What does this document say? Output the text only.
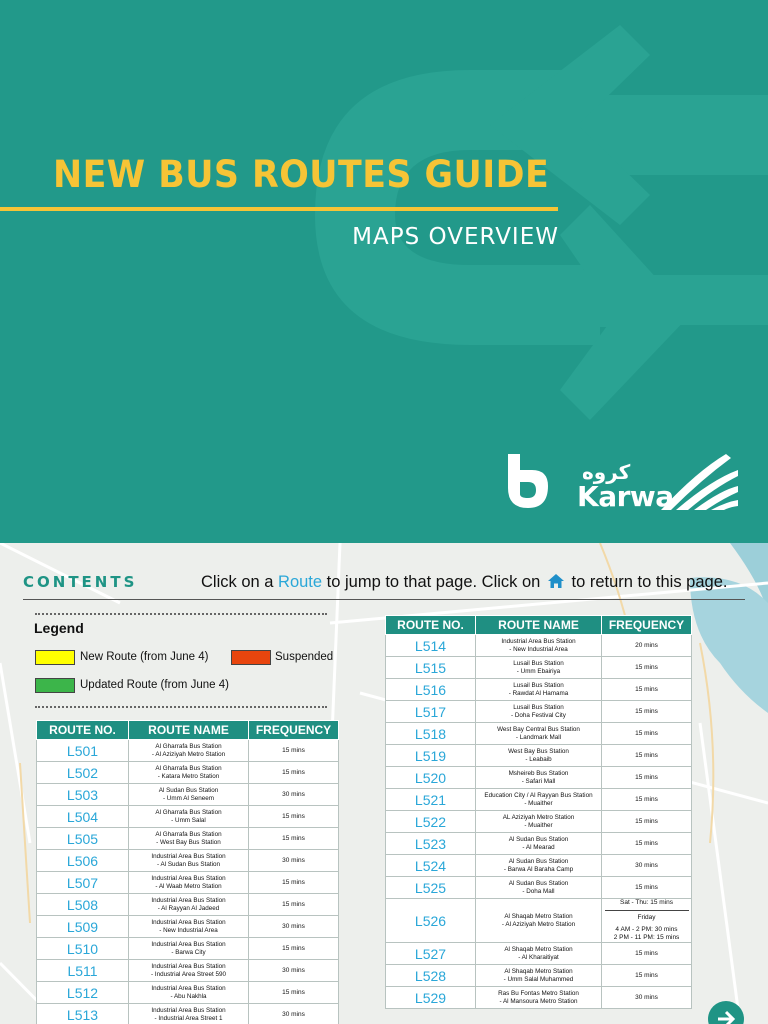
NEW BUS ROUTES GUIDE
MAPS OVERVIEW
كروه
Karwa
CONTENTS	Click on a Route to jump to that page. Click on  to return to this page.
Legend
New Route (from June 4)	Suspended
Updated Route (from June 4)
ROUTE NO.	ROUTE NAME	FREQUENCY
L501	Al Gharrafa Bus Station
- Al Aziziyah Metro Station	15 mins
L502	Al Gharrafa Bus Station
- Katara Metro Station	15 mins
L503	Al Sudan Bus Station
- Umm Al Seneem	30 mins
L504	Al Gharrafa Bus Station
- Umm Salal	15 mins
L505	Al Gharrafa Bus Station
- West Bay Bus Station	15 mins
L506	Industrial Area Bus Station
- Al Sudan Bus Station	30 mins
L507	Industrial Area Bus Station
- Al Waab Metro Station	15 mins
L508	Industrial Area Bus Station
- Al Rayyan Al Jadeed	15 mins
L509	Industrial Area Bus Station
- New Industrial Area	30 mins
L510	Industrial Area Bus Station
- Barwa City	15 mins
L511	Industrial Area Bus Station
- Industrial Area Street 590	30 mins
L512	Industrial Area Bus Station
- Abu Nakhla	15 mins
L513	Industrial Area Bus Station
- Industrial Area Street 1	30 mins
ROUTE NO.	ROUTE NAME	FREQUENCY
L514	Industrial Area Bus Station
- New Industrial Area	20 mins
L515	Lusail Bus Station
- Umm Ebairiya	15 mins
L516	Lusail Bus Station
- Rawdat Al Hamama	15 mins
L517	Lusail Bus Station
- Doha Festival City	15 mins
L518	West Bay Central Bus Station
- Landmark Mall	15 mins
L519	West Bay Bus Station
- Leabaib	15 mins
L520	Msheireb Bus Station
- Safari Mall	15 mins
L521	Education City / Al Rayyan Bus Station
- Muaither	15 mins
L522	AL Aziziyah Metro Station
- Muaither	15 mins
L523	Al Sudan Bus Station
- Al Mearad	15 mins
L524	Al Sudan Bus Station
- Barwa Al Baraha Camp	30 mins
L525	Al Sudan Bus Station
- Doha Mall	15 mins
L526	Al Shaqab Metro Station
- Al Aziziyah Metro Station	Sat - Thu: 15 mins
Friday

4 AM - 2 PM: 30 mins
2 PM - 11 PM: 15 mins

L527	Al Shaqab Metro Station
- Al Kharaitiyat	15 mins
L528	Al Shaqab Metro Station
- Umm Salal Muhammed	15 mins
L529	Ras Bu Fontas Metro Station
- Al Mansoura Metro Station	30 mins
